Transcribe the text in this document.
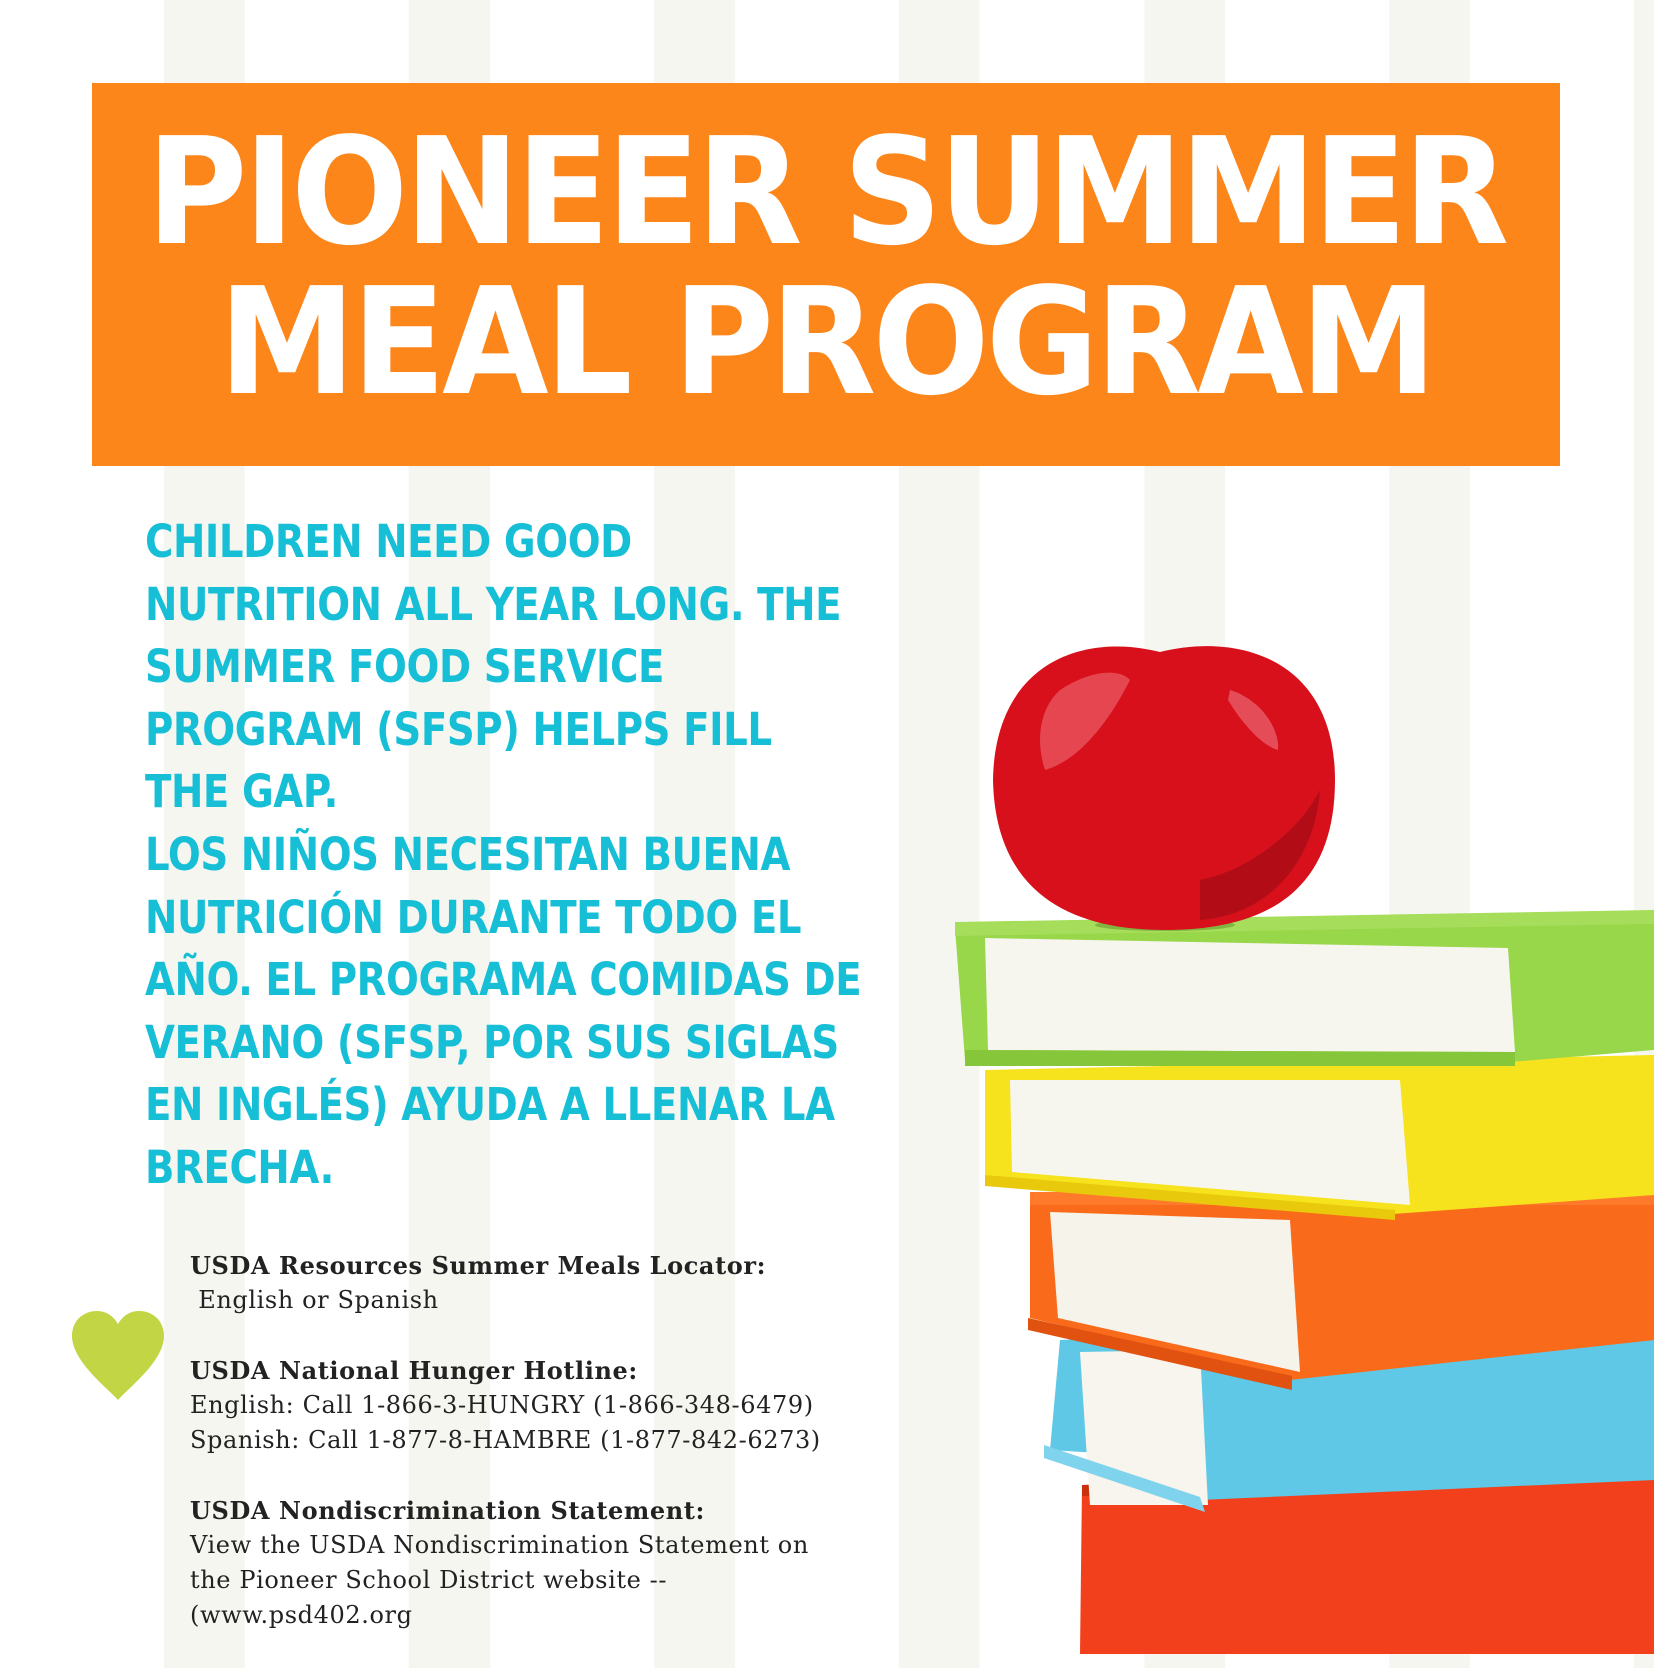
PIONEER SUMMER
MEAL PROGRAM

CHILDREN NEED GOOD NUTRITION ALL YEAR LONG. THE SUMMER FOOD SERVICE PROGRAM (SFSP) HELPS FILL THE GAP.

LOS NIÑOS NECESITAN BUENA NUTRICIÓN DURANTE TODO EL AÑO. EL PROGRAMA COMIDAS DE VERANO (SFSP, POR SUS SIGLAS EN INGLÉS) AYUDA A LLENAR LA BRECHA.

USDA Resources Summer Meals Locator:
English or Spanish
USDA National Hunger Hotline:
English: Call 1-866-3-HUNGRY (1-866-348-6479)
Spanish: Call 1-877-8-HAMBRE (1-877-842-6273)
USDA Nondiscrimination Statement:
View the USDA Nondiscrimination Statement on
the Pioneer School District website --
(www.psd402.org
